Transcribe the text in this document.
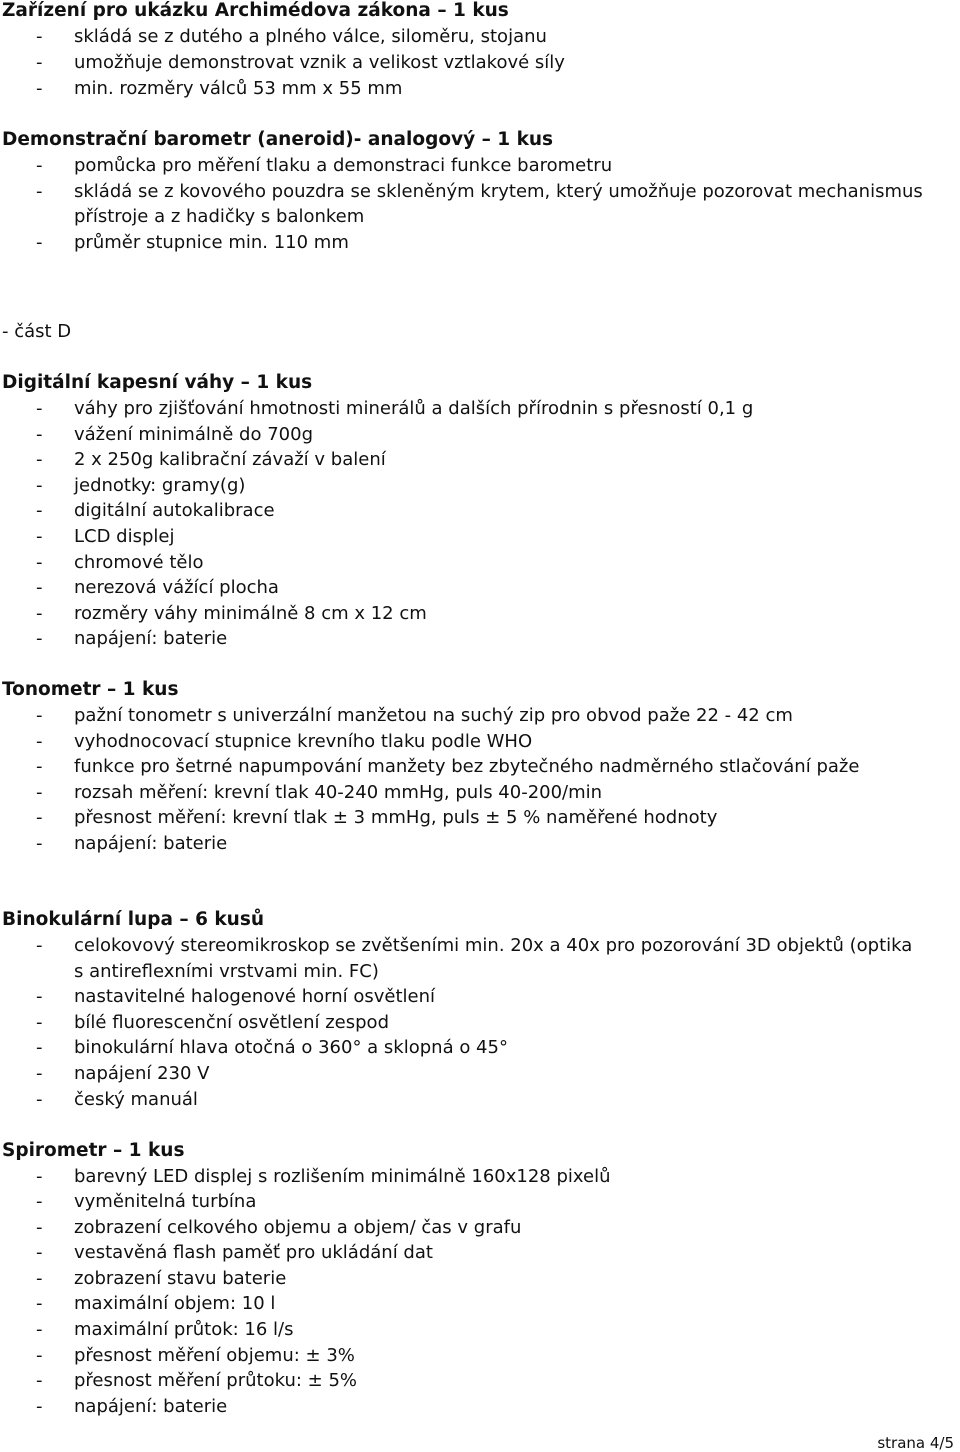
Zařízení pro ukázku Archimédova zákona – 1 kus
- skládá se z dutého a plného válce, siloměru, stojanu
- umožňuje demonstrovat vznik a velikost vztlakové síly
- min. rozměry válců 53 mm x 55 mm
Demonstrační barometr (aneroid)- analogový – 1 kus
- pomůcka pro měření tlaku a demonstraci funkce barometru
- skládá se z kovového pouzdra se skleněným krytem, který umožňuje pozorovat mechanismus
přístroje a z hadičky s balonkem
- průměr stupnice min. 110 mm
- část D
Digitální kapesní váhy – 1 kus
- váhy pro zjišťování hmotnosti minerálů a dalších přírodnin s přesností 0,1 g
- vážení minimálně do 700g
- 2 x 250g kalibrační závaží v balení
- jednotky: gramy(g)
- digitální autokalibrace
- LCD displej
- chromové tělo
- nerezová vážící plocha
- rozměry váhy minimálně 8 cm x 12 cm
- napájení: baterie
Tonometr – 1 kus
- pažní tonometr s univerzální manžetou na suchý zip pro obvod paže 22 - 42 cm
- vyhodnocovací stupnice krevního tlaku podle WHO
- funkce pro šetrné napumpování manžety bez zbytečného nadměrného stlačování paže
- rozsah měření: krevní tlak 40-240 mmHg, puls 40-200/min
- přesnost měření: krevní tlak ± 3 mmHg, puls ± 5 % naměřené hodnoty
- napájení: baterie
Binokulární lupa – 6 kusů
- celokovový stereomikroskop se zvětšeními min. 20x a 40x pro pozorování 3D objektů (optika
s antireflexními vrstvami min. FC)
- nastavitelné halogenové horní osvětlení
- bílé fluorescenční osvětlení zespod
- binokulární hlava otočná o 360° a sklopná o 45°
- napájení 230 V
- český manuál
Spirometr – 1 kus
- barevný LED displej s rozlišením minimálně 160x128 pixelů
- vyměnitelná turbína
- zobrazení celkového objemu a objem/ čas v grafu
- vestavěná flash paměť pro ukládání dat
- zobrazení stavu baterie
- maximální objem: 10 l
- maximální průtok: 16 l/s
- přesnost měření objemu: ± 3%
- přesnost měření průtoku: ± 5%
- napájení: baterie
strana 4/5
